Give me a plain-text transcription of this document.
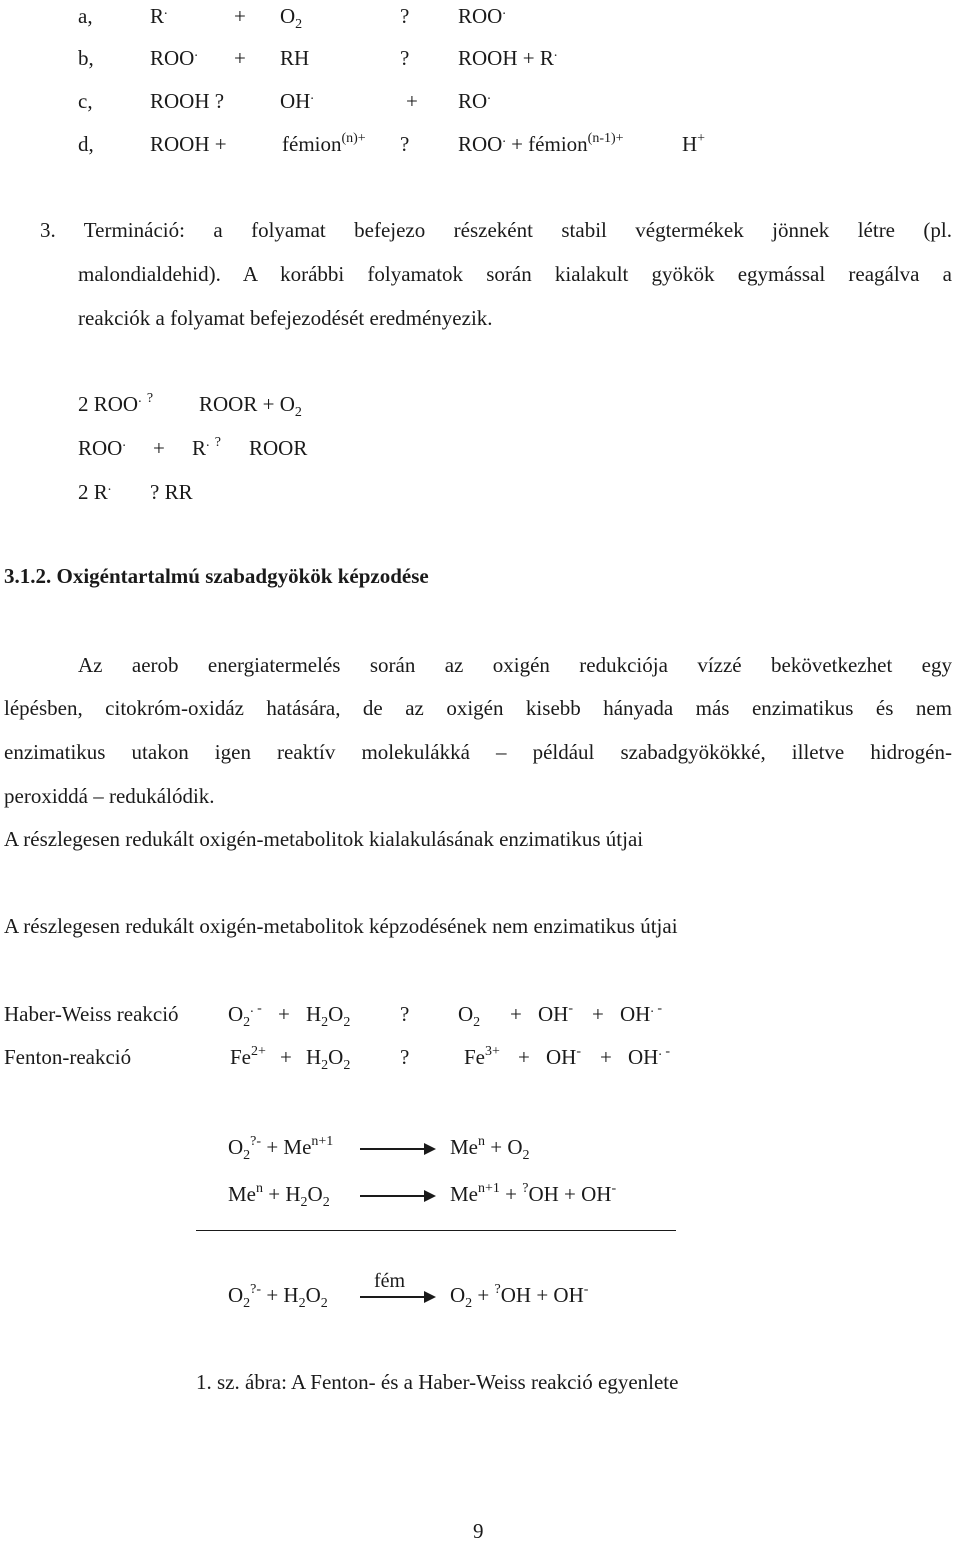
a,	R.	+ $O_2$	? ROO.
b,	ROO. + RH	? ROOH + R.
c,	ROOH ?	OH.	+ RO.
d,	ROOH +	fémion$^{(n)+}$ ? ROO. + fémion$^{(n-1)+}$	H+
3. Termináció: a folyamat befejezo részeként stabil végtermékek jönnek létre (pl.
malondialdehid). A korábbi folyamatok során kialakult gyökök egymással reagálva a
reakciók a folyamat befejezodését eredményezik.
2 ROO. ? ROOR + $O_2$
ROO. + R. ? ROOR
2 R. ? RR
3.1.2. Oxigéntartalmú szabadgyökök képzodése
Az aerob energiatermelés során az oxigén redukciója vízzé bekövetkezhet egy
lépésben, citokróm-oxidáz hatására, de az oxigén kisebb hányada más enzimatikus és nem
enzimatikus utakon igen reaktív molekulákká – például szabadgyökökké, illetve hidrogén-
peroxiddá – redukálódik.
A részlegesen redukált oxigén-metabolitok kialakulásának enzimatikus útjai
A részlegesen redukált oxigén-metabolitok képzodésének nem enzimatikus útjai
Haber-Weiss reakció $O_2^{. -} + H_2O_2$ ? $O_2 + OH^- + OH^{. -}$
Fenton-reakció	$Fe^{2+} + H_2O_2$ ?	$Fe^{3+} + OH^- + OH^{. -}$
$O_2^{?-} + Me^{n+1} \to Me^n + O_2$
$Me^n + H_2O_2 \to Me^{n+1} + ^?OH + OH^-$
$O_2^{?-} + H_2O_2$
fém
→ $O_2 + ^?OH + OH^-$
1. sz. ábra: A Fenton- és a Haber-Weiss reakció egyenlete
9
